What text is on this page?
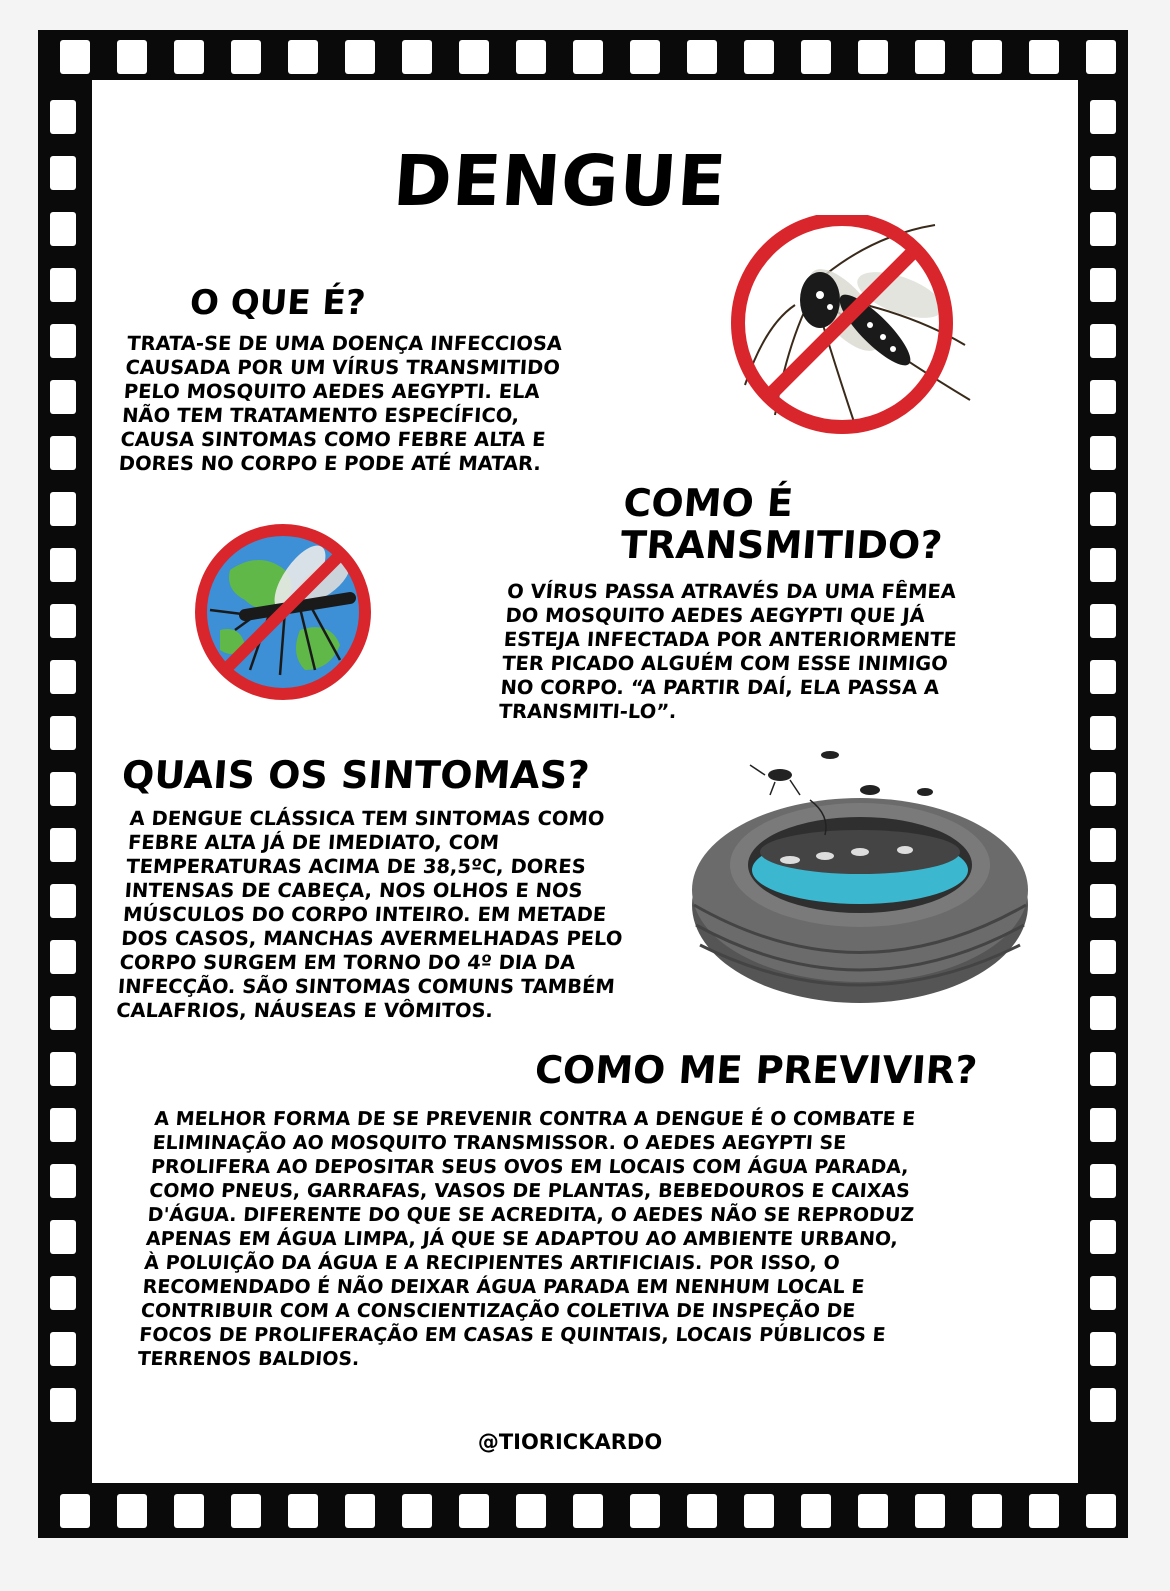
DENGUE
O QUE É?
TRATA-SE DE UMA DOENÇA INFECCIOSA
CAUSADA POR UM VÍRUS TRANSMITIDO
PELO MOSQUITO AEDES AEGYPTI. ELA
NÃO TEM TRATAMENTO ESPECÍFICO,
CAUSA SINTOMAS COMO FEBRE ALTA E
DORES NO CORPO E PODE ATÉ MATAR.
COMO É
TRANSMITIDO?
O VÍRUS PASSA ATRAVÉS DA UMA FÊMEA
DO MOSQUITO AEDES AEGYPTI QUE JÁ
ESTEJA INFECTADA POR ANTERIORMENTE
TER PICADO ALGUÉM COM ESSE INIMIGO
NO CORPO. “A PARTIR DAÍ, ELA PASSA A
TRANSMITI-LO”.
QUAIS OS SINTOMAS?
A DENGUE CLÁSSICA TEM SINTOMAS COMO
FEBRE ALTA JÁ DE IMEDIATO, COM
TEMPERATURAS ACIMA DE 38,5ºC, DORES
INTENSAS DE CABEÇA, NOS OLHOS E NOS
MÚSCULOS DO CORPO INTEIRO. EM METADE
DOS CASOS, MANCHAS AVERMELHADAS PELO
CORPO SURGEM EM TORNO DO 4º DIA DA
INFECÇÃO. SÃO SINTOMAS COMUNS TAMBÉM
CALAFRIOS, NÁUSEAS E VÔMITOS.
COMO ME PREVIVIR?
A MELHOR FORMA DE SE PREVENIR CONTRA A DENGUE É O COMBATE E
ELIMINAÇÃO AO MOSQUITO TRANSMISSOR. O AEDES AEGYPTI SE
PROLIFERA AO DEPOSITAR SEUS OVOS EM LOCAIS COM ÁGUA PARADA,
COMO PNEUS, GARRAFAS, VASOS DE PLANTAS, BEBEDOUROS E CAIXAS
D'ÁGUA. DIFERENTE DO QUE SE ACREDITA, O AEDES NÃO SE REPRODUZ
APENAS EM ÁGUA LIMPA, JÁ QUE SE ADAPTOU AO AMBIENTE URBANO,
À POLUIÇÃO DA ÁGUA E A RECIPIENTES ARTIFICIAIS. POR ISSO, O
RECOMENDADO É NÃO DEIXAR ÁGUA PARADA EM NENHUM LOCAL E
CONTRIBUIR COM A CONSCIENTIZAÇÃO COLETIVA DE INSPEÇÃO DE
FOCOS DE PROLIFERAÇÃO EM CASAS E QUINTAIS, LOCAIS PÚBLICOS E
TERRENOS BALDIOS.
@TIORICKARDO
